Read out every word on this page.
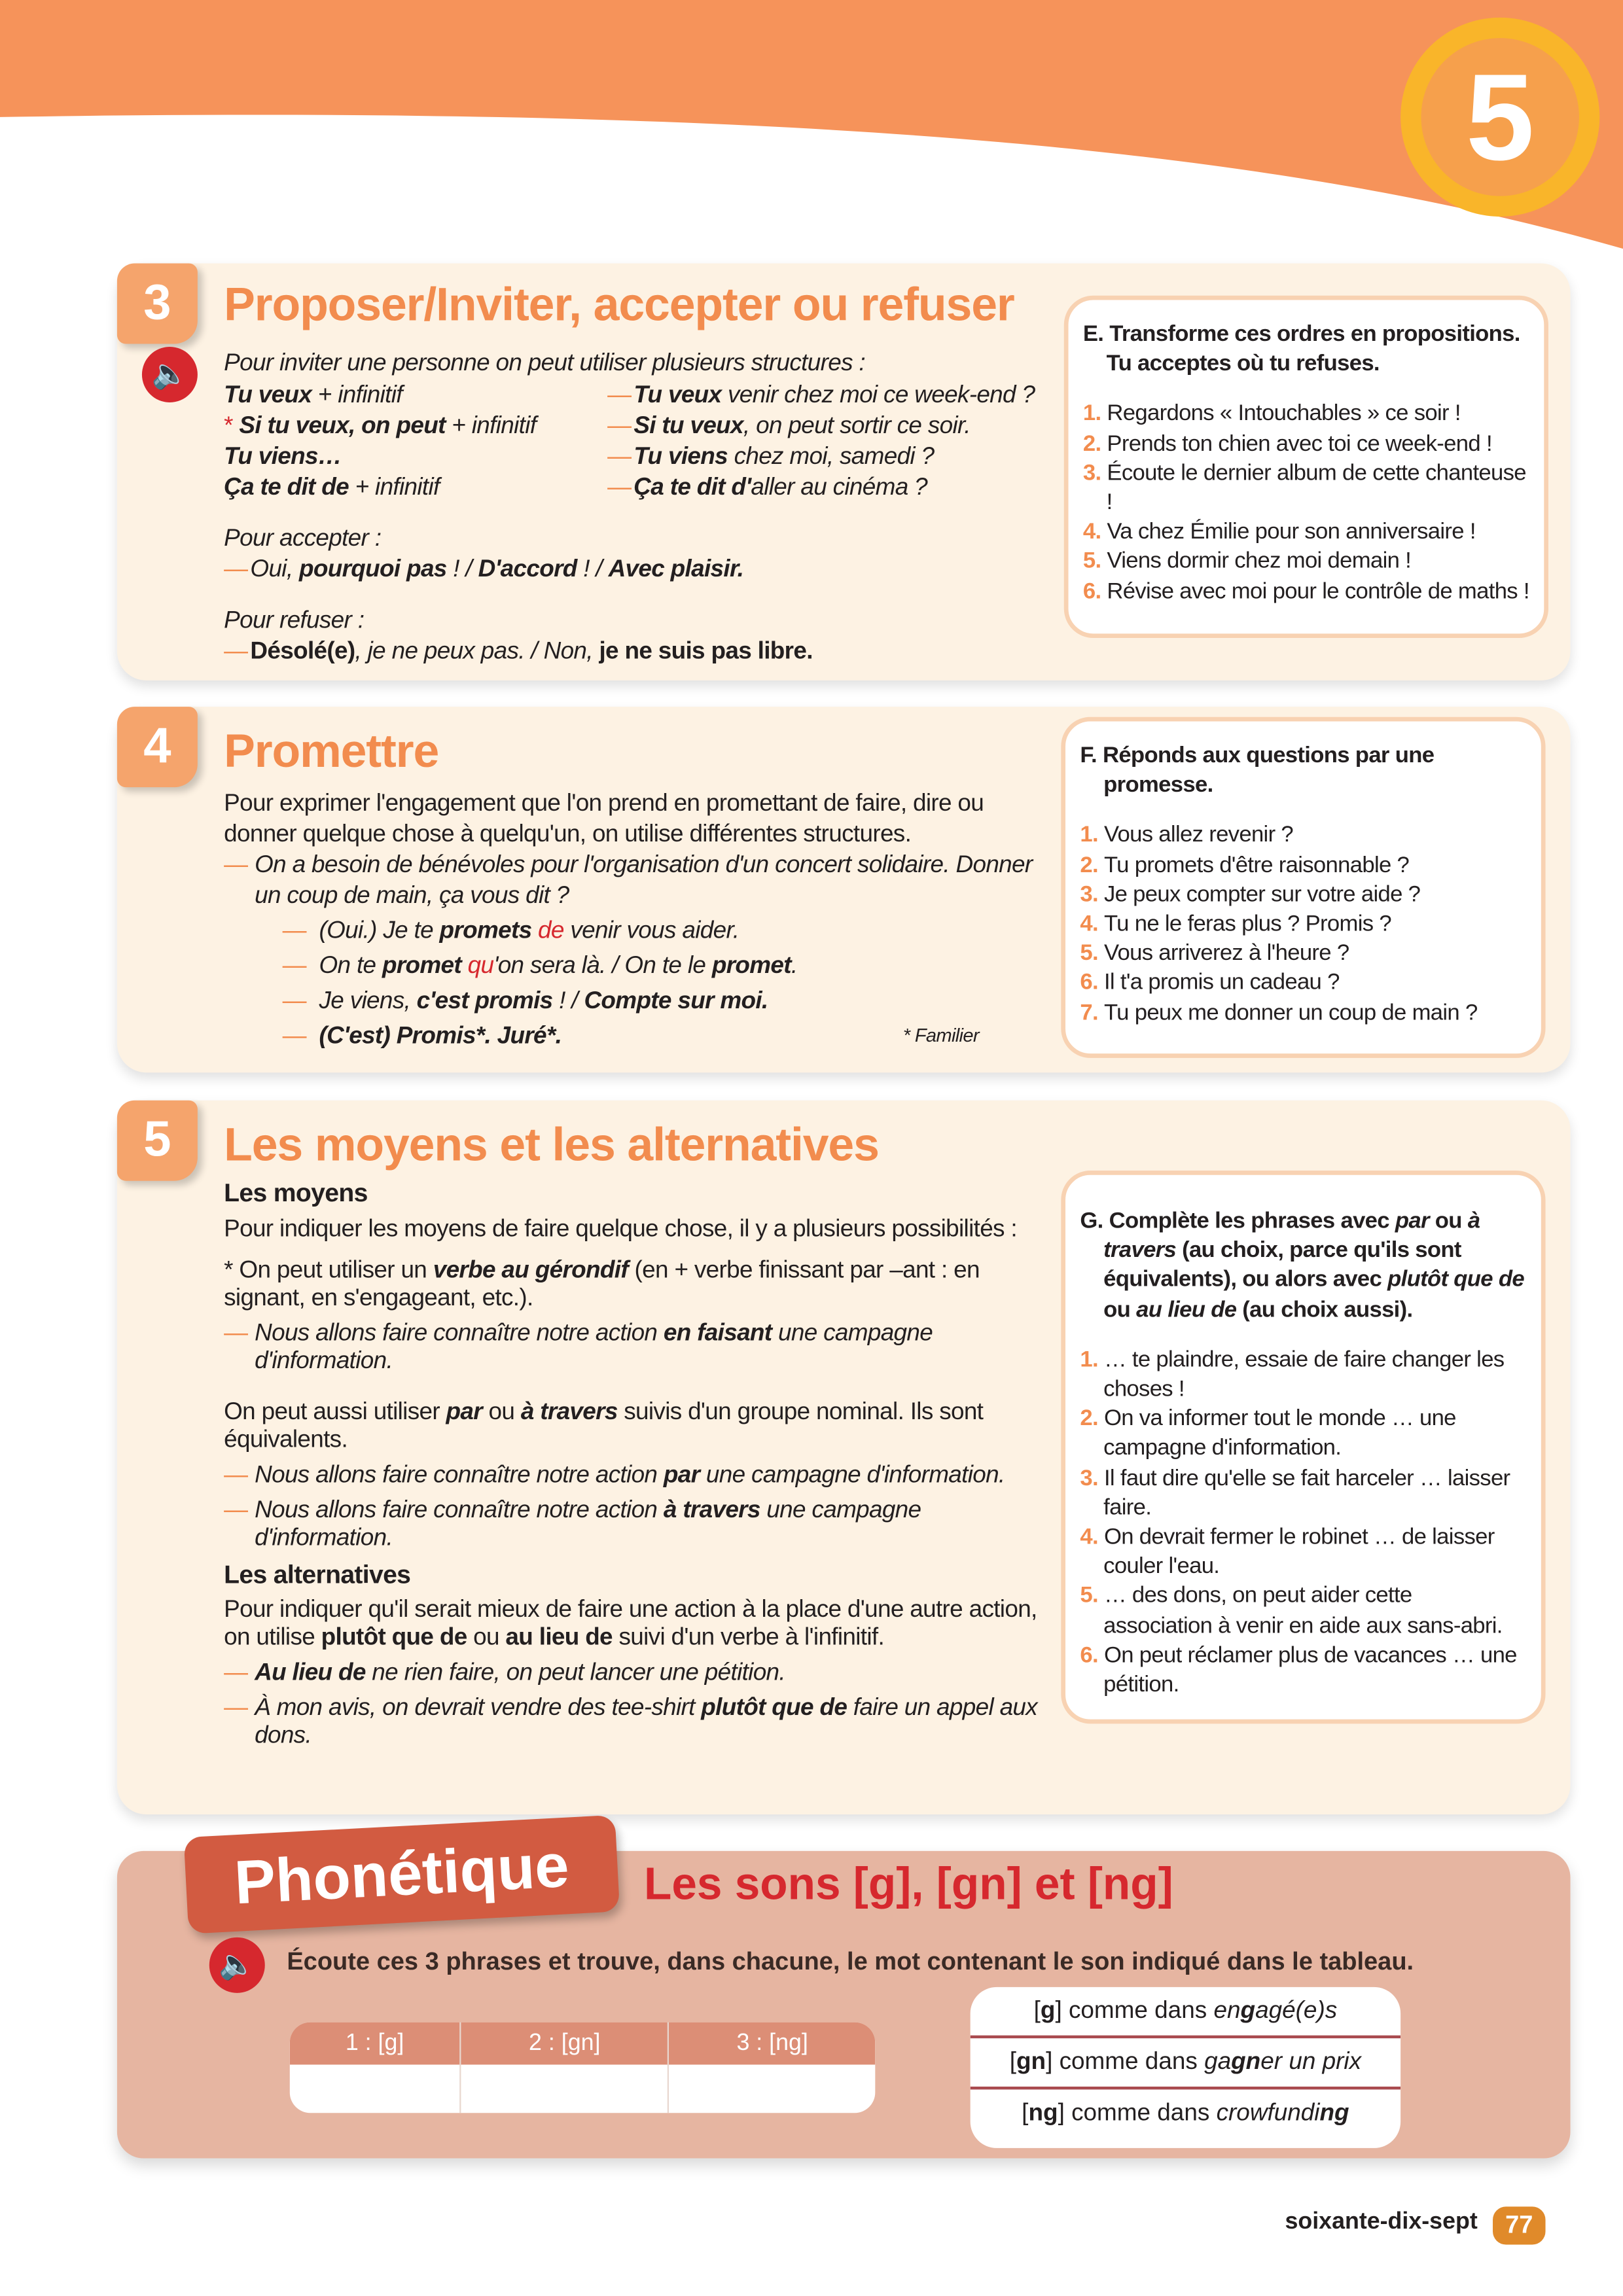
5
3	Proposer/Inviter, accepter ou refuser
🔈	Pour inviter une personne on peut utiliser plusieurs structures :
Tu veux + infinitif	— Tu veux venir chez moi ce week-end ?
* Si tu veux, on peut + infinitif	— Si tu veux, on peut sortir ce soir.
Tu viens…	— Tu viens chez moi, samedi ?
Ça te dit de + infinitif	— Ça te dit d'aller au cinéma ?
Pour accepter :
— Oui, pourquoi pas ! / D'accord ! / Avec plaisir.
Pour refuser :
— Désolé(e), je ne peux pas. / Non, je ne suis pas libre.
E. Transforme ces ordres en propositions. Tu acceptes où tu refuses.
1. Regardons « Intouchables » ce soir !
2. Prends ton chien avec toi ce week-end !
3. Écoute le dernier album de cette chanteuse !
4. Va chez Émilie pour son anniversaire !
5. Viens dormir chez moi demain !
6. Révise avec moi pour le contrôle de maths !
4	Promettre
Pour exprimer l'engagement que l'on prend en promettant de faire, dire ou donner quelque chose à quelqu'un, on utilise différentes structures.
— On a besoin de bénévoles pour l'organisation d'un concert solidaire. Donner un coup de main, ça vous dit ?
— (Oui.) Je te promets de venir vous aider.
— On te promet qu'on sera là. / On te le promet.
— Je viens, c'est promis ! / Compte sur moi.
— (C'est) Promis*. Juré*.	* Familier
F. Réponds aux questions par une promesse.
1. Vous allez revenir ?
2. Tu promets d'être raisonnable ?
3. Je peux compter sur votre aide ?
4. Tu ne le feras plus ? Promis ?
5. Vous arriverez à l'heure ?
6. Il t'a promis un cadeau ?
7. Tu peux me donner un coup de main ?
5	Les moyens et les alternatives
Les moyens
Pour indiquer les moyens de faire quelque chose, il y a plusieurs possibilités :
* On peut utiliser un verbe au gérondif (en + verbe finissant par –ant : en signant, en s'engageant, etc.).
— Nous allons faire connaître notre action en faisant une campagne d'information.
On peut aussi utiliser par ou à travers suivis d'un groupe nominal. Ils sont équivalents.
— Nous allons faire connaître notre action par une campagne d'information.
— Nous allons faire connaître notre action à travers une campagne d'information.
Les alternatives
Pour indiquer qu'il serait mieux de faire une action à la place d'une autre action, on utilise plutôt que de ou au lieu de suivi d'un verbe à l'infinitif.
— Au lieu de ne rien faire, on peut lancer une pétition.
— À mon avis, on devrait vendre des tee-shirt plutôt que de faire un appel aux dons.
G. Complète les phrases avec par ou à travers (au choix, parce qu'ils sont équivalents), ou alors avec plutôt que de ou au lieu de (au choix aussi).
1. … te plaindre, essaie de faire changer les choses !
2. On va informer tout le monde … une campagne d'information.
3. Il faut dire qu'elle se fait harceler … laisser faire.
4. On devrait fermer le robinet … de laisser couler l'eau.
5. … des dons, on peut aider cette association à venir en aide aux sans-abri.
6. On peut réclamer plus de vacances … une pétition.
Phonétique	Les sons [g], [gn] et [ng]
🔈	Écoute ces 3 phrases et trouve, dans chacune, le mot contenant le son indiqué dans le tableau.
1 : [g]	2 : [gn]	3 : [ng]

[g] comme dans engagé(e)s
[gn] comme dans gagner un prix
[ng] comme dans crowfunding
soixante-dix-sept	77
